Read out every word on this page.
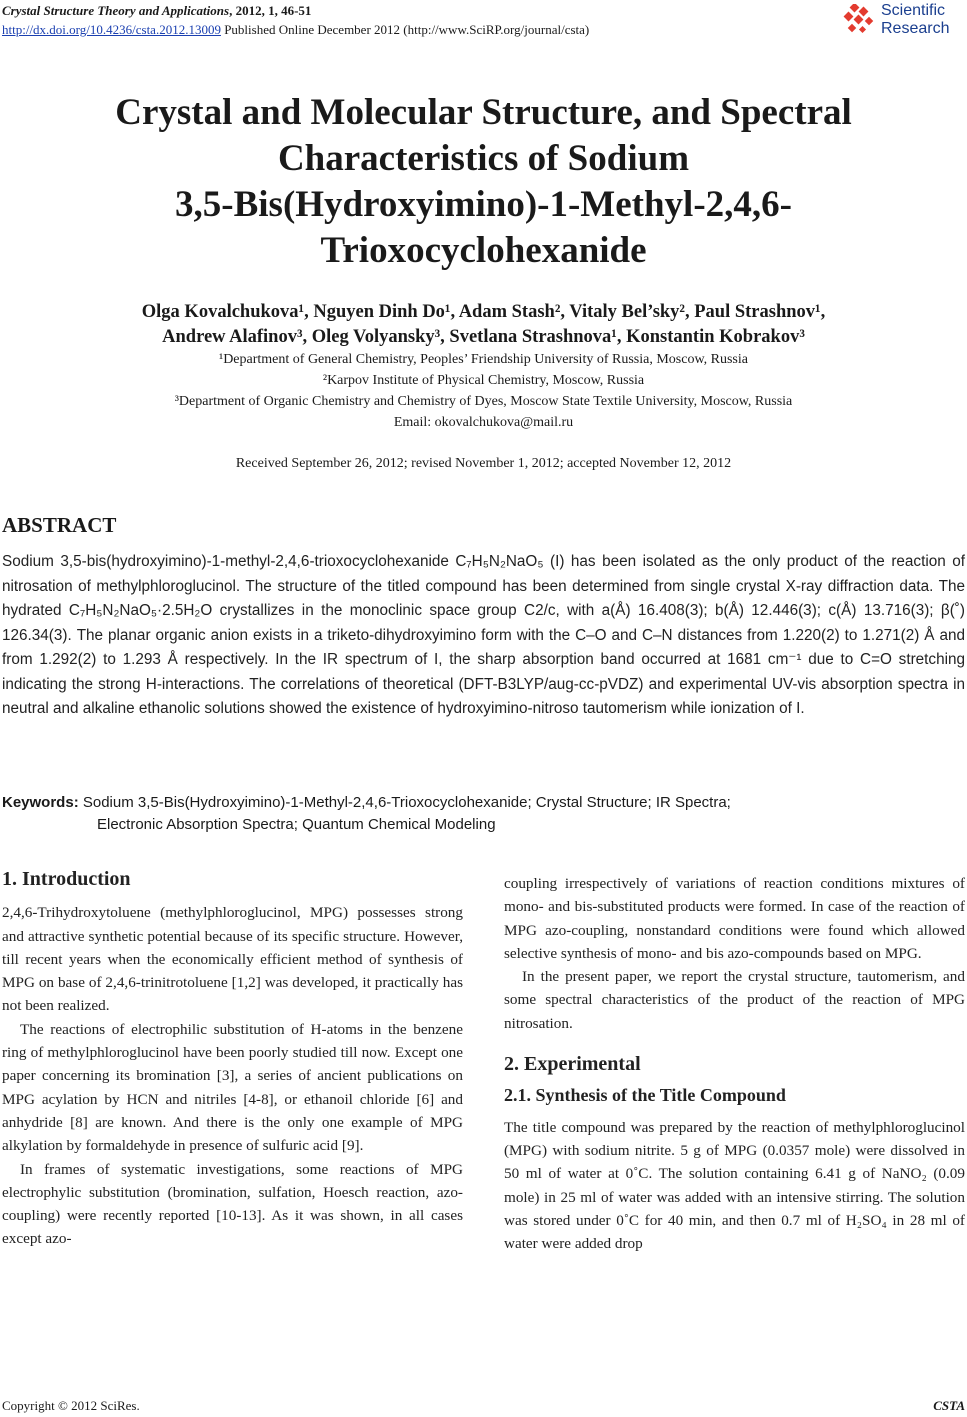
Crystal Structure Theory and Applications, 2012, 1, 46-51
http://dx.doi.org/10.4236/csta.2012.13009 Published Online December 2012 (http://www.SciRP.org/journal/csta)
Scientific
Research
Crystal and Molecular Structure, and Spectral
Characteristics of Sodium
3,5-Bis(Hydroxyimino)-1-Methyl-2,4,6-
Trioxocyclohexanide
Olga Kovalchukova¹, Nguyen Dinh Do¹, Adam Stash², Vitaly Bel’sky², Paul Strashnov¹,
Andrew Alafinov³, Oleg Volyansky³, Svetlana Strashnova¹, Konstantin Kobrakov³
¹Department of General Chemistry, Peoples’ Friendship University of Russia, Moscow, Russia
²Karpov Institute of Physical Chemistry, Moscow, Russia
³Department of Organic Chemistry and Chemistry of Dyes, Moscow State Textile University, Moscow, Russia
Email: okovalchukova@mail.ru
Received September 26, 2012; revised November 1, 2012; accepted November 12, 2012
ABSTRACT
Sodium 3,5-bis(hydroxyimino)-1-methyl-2,4,6-trioxocyclohexanide C₇H₅N₂NaO₅ (I) has been isolated as the only product of the reaction of nitrosation of methylphloroglucinol. The structure of the titled compound has been determined from single crystal X-ray diffraction data. The hydrated C₇H₅N₂NaO₅·2.5H₂O crystallizes in the monoclinic space group C2/c, with a(Å) 16.408(3); b(Å) 12.446(3); c(Å) 13.716(3); β(˚) 126.34(3). The planar organic anion exists in a triketo-dihydroxyimino form with the C–O and C–N distances from 1.220(2) to 1.271(2) Å and from 1.292(2) to 1.293 Å respectively. In the IR spectrum of I, the sharp absorption band occurred at 1681 cm⁻¹ due to C=O stretching indicating the strong H-interactions. The correlations of theoretical (DFT-B3LYP/aug-cc-pVDZ) and experimental UV-vis absorption spectra in neutral and alkaline ethanolic solutions showed the existence of hydroxyimino-nitroso tautomerism while ionization of I.
Keywords: Sodium 3,5-Bis(Hydroxyimino)-1-Methyl-2,4,6-Trioxocyclohexanide; Crystal Structure; IR Spectra;
Electronic Absorption Spectra; Quantum Chemical Modeling
1. Introduction

2,4,6-Trihydroxytoluene (methylphloroglucinol, MPG) possesses strong and attractive synthetic potential because of its specific structure. However, till recent years when the economically efficient method of synthesis of MPG on base of 2,4,6-trinitrotoluene [1,2] was developed, it practically has not been realized.

The reactions of electrophilic substitution of H-atoms in the benzene ring of methylphloroglucinol have been poorly studied till now. Except one paper concerning its bromination [3], a series of ancient publications on MPG acylation by HCN and nitriles [4-8], or ethanoil chloride [6] and anhydride [8] are known. And there is the only one example of MPG alkylation by formaldehyde in presence of sulfuric acid [9].

In frames of systematic investigations, some reactions of MPG electrophylic substitution (bromination, sulfation, Hoesch reaction, azo-coupling) were recently reported [10-13]. As it was shown, in all cases except azo-

coupling irrespectively of variations of reaction conditions mixtures of mono- and bis-substituted products were formed. In case of the reaction of MPG azo-coupling, nonstandard conditions were found which allowed selective synthesis of mono- and bis azo-compounds based on MPG.

In the present paper, we report the crystal structure, tautomerism, and some spectral characteristics of the product of the reaction of MPG nitrosation.

2. Experimental
2.1. Synthesis of the Title Compound

The title compound was prepared by the reaction of methylphloroglucinol (MPG) with sodium nitrite. 5 g of MPG (0.0357 mole) were dissolved in 50 ml of water at 0˚C. The solution containing 6.41 g of NaNO₂ (0.09 mole) in 25 ml of water was added with an intensive stirring. The solution was stored under 0˚C for 40 min, and then 0.7 ml of H₂SO₄ in 28 ml of water were added drop

Copyright © 2012 SciRes.	CSTA
